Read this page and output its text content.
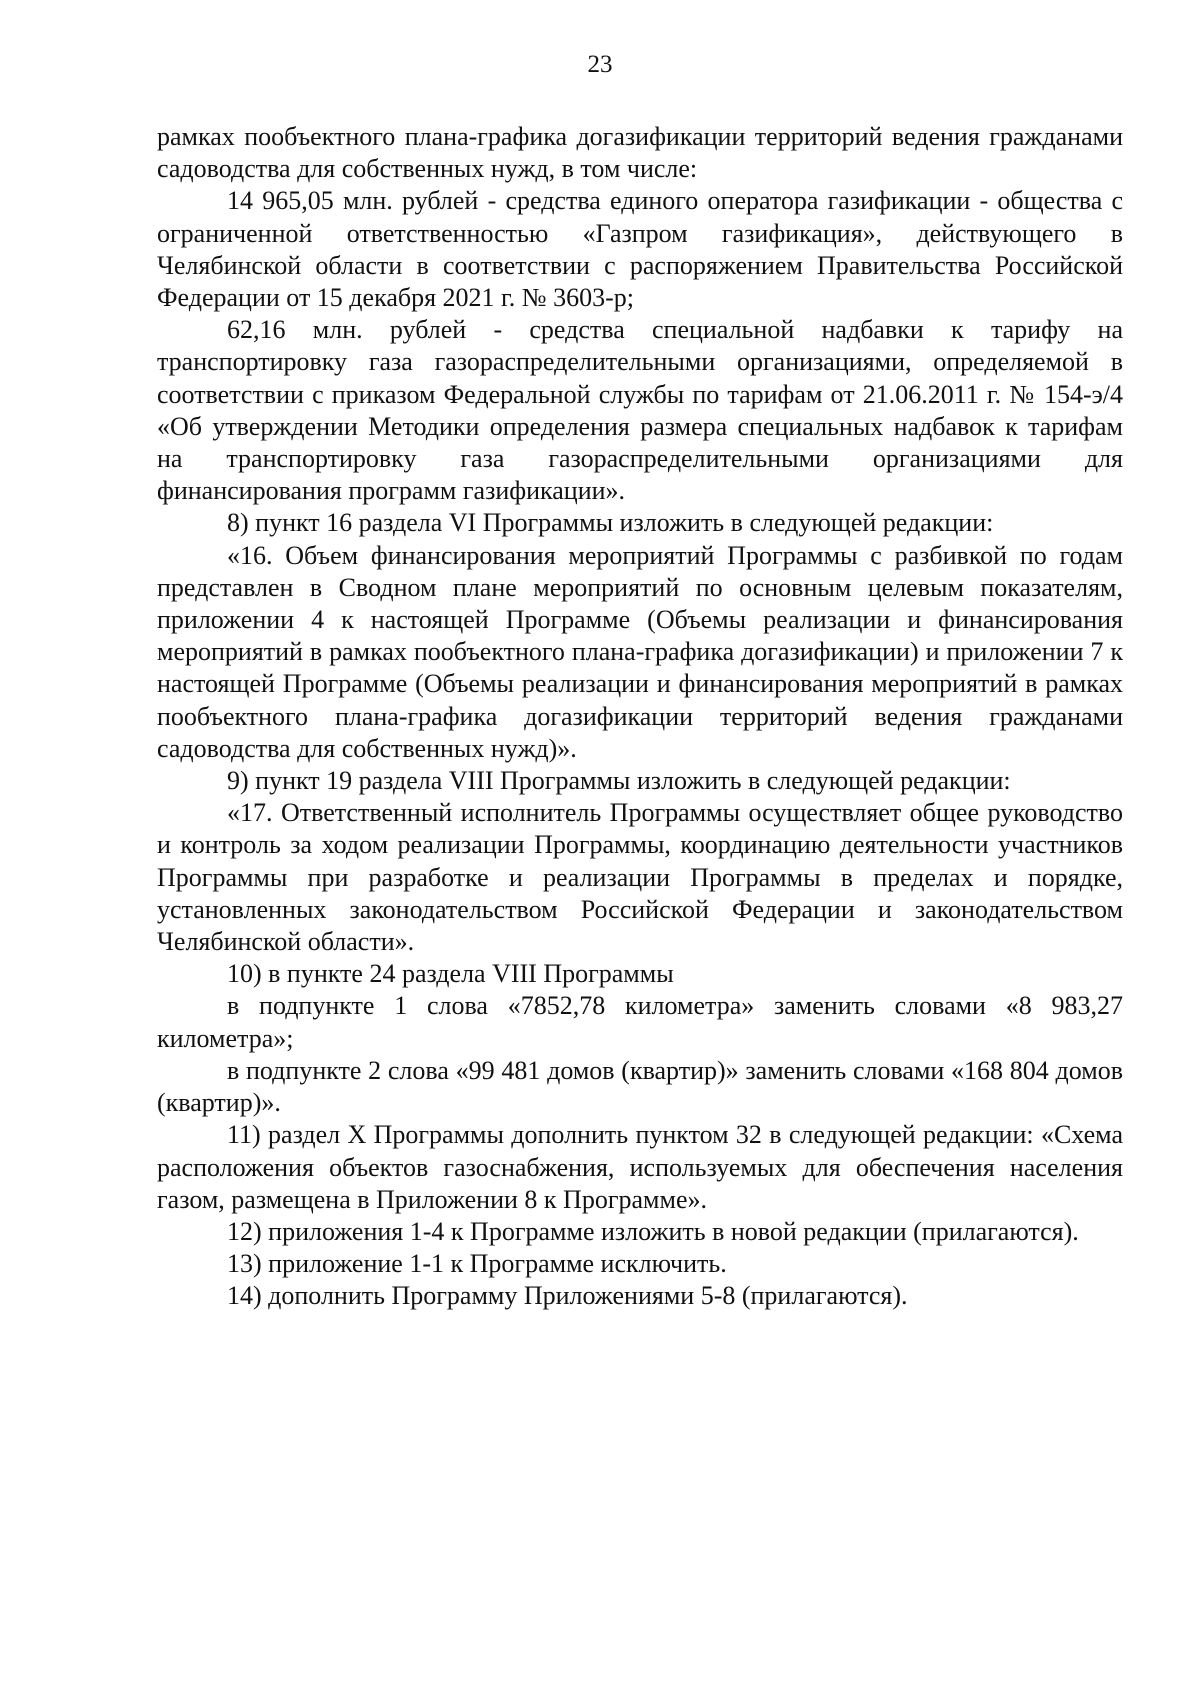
23

рамках пообъектного плана-графика догазификации территорий ведения гражданами садоводства для собственных нужд, в том числе:

14 965,05 млн. рублей - средства единого оператора газификации - общества с ограниченной ответственностью «Газпром газификация», действующего в Челябинской области в соответствии с распоряжением Правительства Российской Федерации от 15 декабря 2021 г. № 3603-р;

62,16 млн. рублей - средства специальной надбавки к тарифу на транспортировку газа газораспределительными организациями, определяемой в соответствии с приказом Федеральной службы по тарифам от 21.06.2011 г. № 154-э/4 «Об утверждении Методики определения размера специальных надбавок к тарифам на транспортировку газа газораспределительными организациями для финансирования программ газификации».

8) пункт 16 раздела VI Программы изложить в следующей редакции:

«16. Объем финансирования мероприятий Программы с разбивкой по годам представлен в Сводном плане мероприятий по основным целевым показателям, приложении 4 к настоящей Программе (Объемы реализации и финансирования мероприятий в рамках пообъектного плана-графика догазификации) и приложении 7 к настоящей Программе (Объемы реализации и финансирования мероприятий в рамках пообъектного плана-графика догазификации территорий ведения гражданами садоводства для собственных нужд)».

9) пункт 19 раздела VIII Программы изложить в следующей редакции:

«17. Ответственный исполнитель Программы осуществляет общее руководство и контроль за ходом реализации Программы, координацию деятельности участников Программы при разработке и реализации Программы в пределах и порядке, установленных законодательством Российской Федерации и законодательством Челябинской области».

10) в пункте 24 раздела VIII Программы

в подпункте 1 слова «7852,78 километра» заменить словами «8 983,27 километра»;

в подпункте 2 слова «99 481 домов (квартир)» заменить словами «168 804 домов (квартир)».

11) раздел X Программы дополнить пунктом 32 в следующей редакции: «Схема расположения объектов газоснабжения, используемых для обеспечения населения газом, размещена в Приложении 8 к Программе».

12) приложения 1-4 к Программе изложить в новой редакции (прилагаются).

13) приложение 1-1 к Программе исключить.

14) дополнить Программу Приложениями 5-8 (прилагаются).
